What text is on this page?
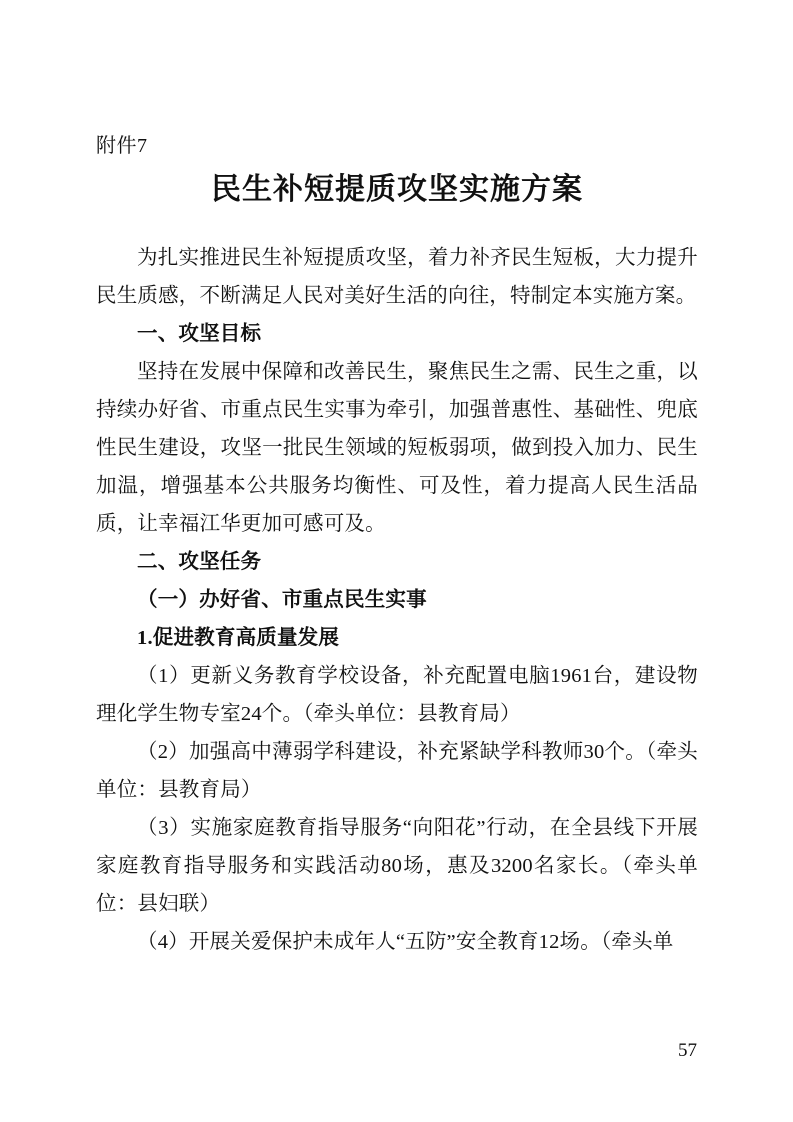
附件7
民生补短提质攻坚实施方案

为扎实推进民生补短提质攻坚，着力补齐民生短板，大力提升民生质感，不断满足人民对美好生活的向往，特制定本实施方案。

一、攻坚目标

坚持在发展中保障和改善民生，聚焦民生之需、民生之重，以持续办好省、市重点民生实事为牵引，加强普惠性、基础性、兜底性民生建设，攻坚一批民生领域的短板弱项，做到投入加力、民生加温，增强基本公共服务均衡性、可及性，着力提高人民生活品质，让幸福江华更加可感可及。

二、攻坚任务

（一）办好省、市重点民生实事

1.促进教育高质量发展

（1）更新义务教育学校设备，补充配置电脑1961台，建设物理化学生物专室24个。（牵头单位：县教育局）

（2）加强高中薄弱学科建设，补充紧缺学科教师30个。（牵头单位：县教育局）

（3）实施家庭教育指导服务“向阳花”行动，在全县线下开展家庭教育指导服务和实践活动80场，惠及3200名家长。（牵头单位：县妇联）

（4）开展关爱保护未成年人“五防”安全教育12场。（牵头单

57
